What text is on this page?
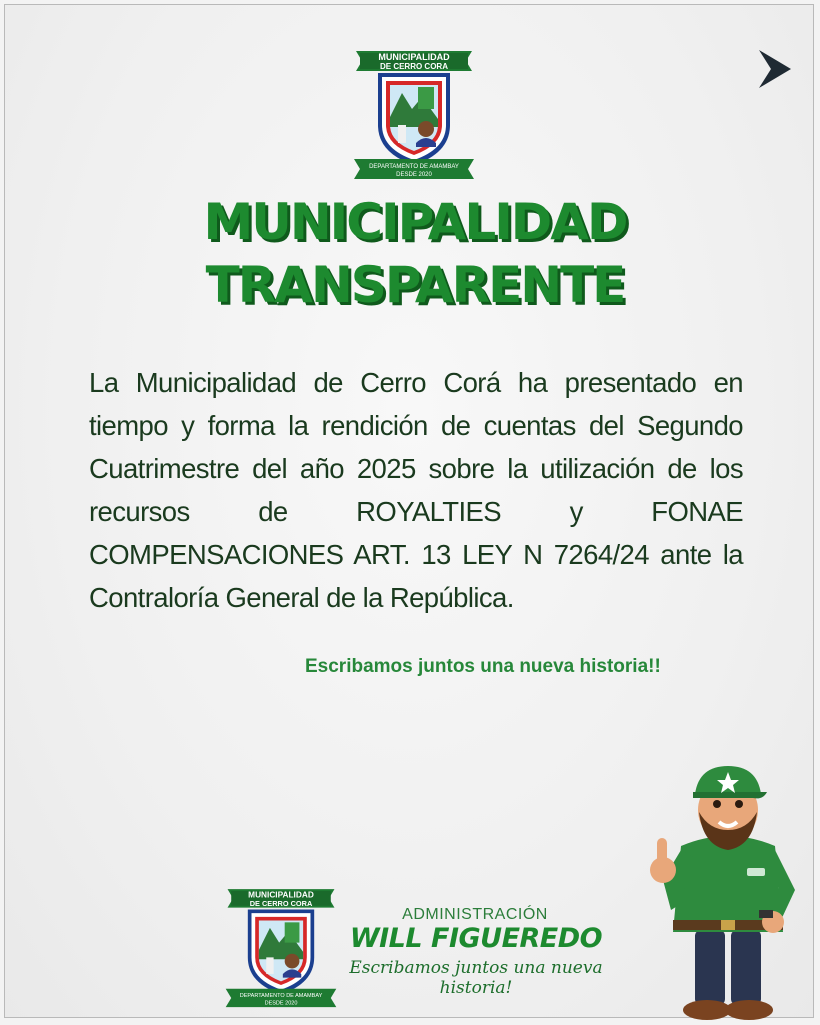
MUNICIPALIDAD
DE CERRO CORA
DEPARTAMENTO DE AMAMBAY
DESDE 2020
MUNICIPALIDAD
TRANSPARENTE

La Municipalidad de Cerro Corá ha presentado en tiempo y forma la rendición de cuentas del Segundo Cuatrimestre del año 2025 sobre la utilización de los recursos de ROYALTIES y FONAE COMPENSACIONES ART. 13 LEY N 7264/24 ante la Contraloría General de la República.

Escribamos juntos una nueva historia!!

MUNICIPALIDAD
DE CERRO CORA
DEPARTAMENTO DE AMAMBAY
DESDE 2020
ADMINISTRACIÓN
WILL FIGUEREDO
Escribamos juntos una nueva historia!
